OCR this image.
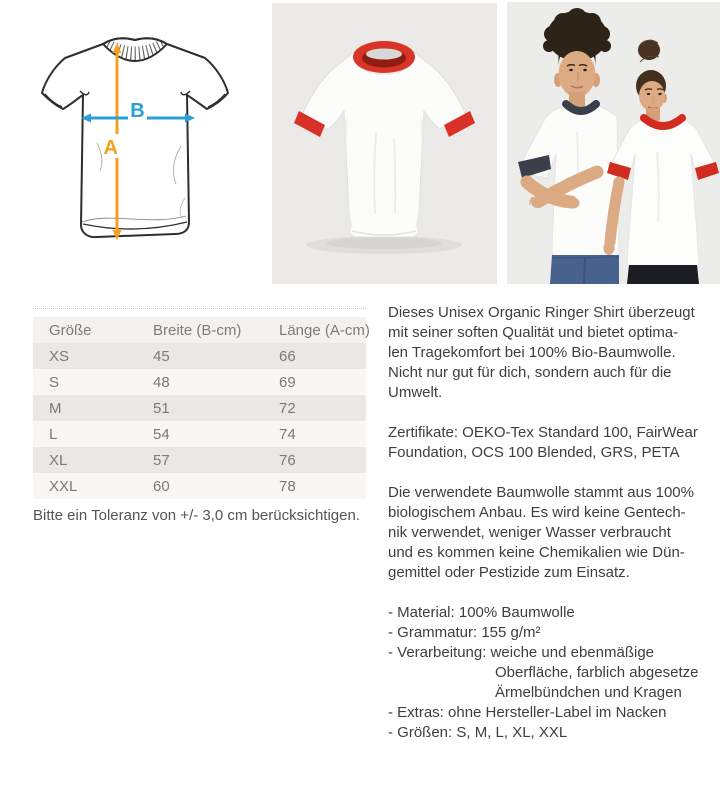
A
B
Größe	Breite (B-cm)	Länge (A-cm)
XS	45	66
S	48	69
M	51	72
L	54	74
XL	57	76
XXL	60	78
Bitte ein Toleranz von +/- 3,0 cm berücksichtigen.
Dieses Unisex Organic Ringer Shirt überzeugt
mit seiner soften Qualität und bietet optima-
len Tragekomfort bei 100% Bio-Baumwolle.
Nicht nur gut für dich, sondern auch für die
Umwelt.
Zertifikate: OEKO-Tex Standard 100, FairWear
Foundation, OCS 100 Blended, GRS, PETA
Die verwendete Baumwolle stammt aus 100%
biologischem Anbau. Es wird keine Gentech-
nik verwendet, weniger Wasser verbraucht
und es kommen keine Chemikalien wie Dün-
gemittel oder Pestizide zum Einsatz.
- Material: 100% Baumwolle
- Grammatur: 155 g/m²
- Verarbeitung: weiche und ebenmäßige
Oberfläche, farblich abgesetze
Ärmelbündchen und Kragen
- Extras: ohne Hersteller-Label im Nacken
- Größen: S, M, L, XL, XXL
